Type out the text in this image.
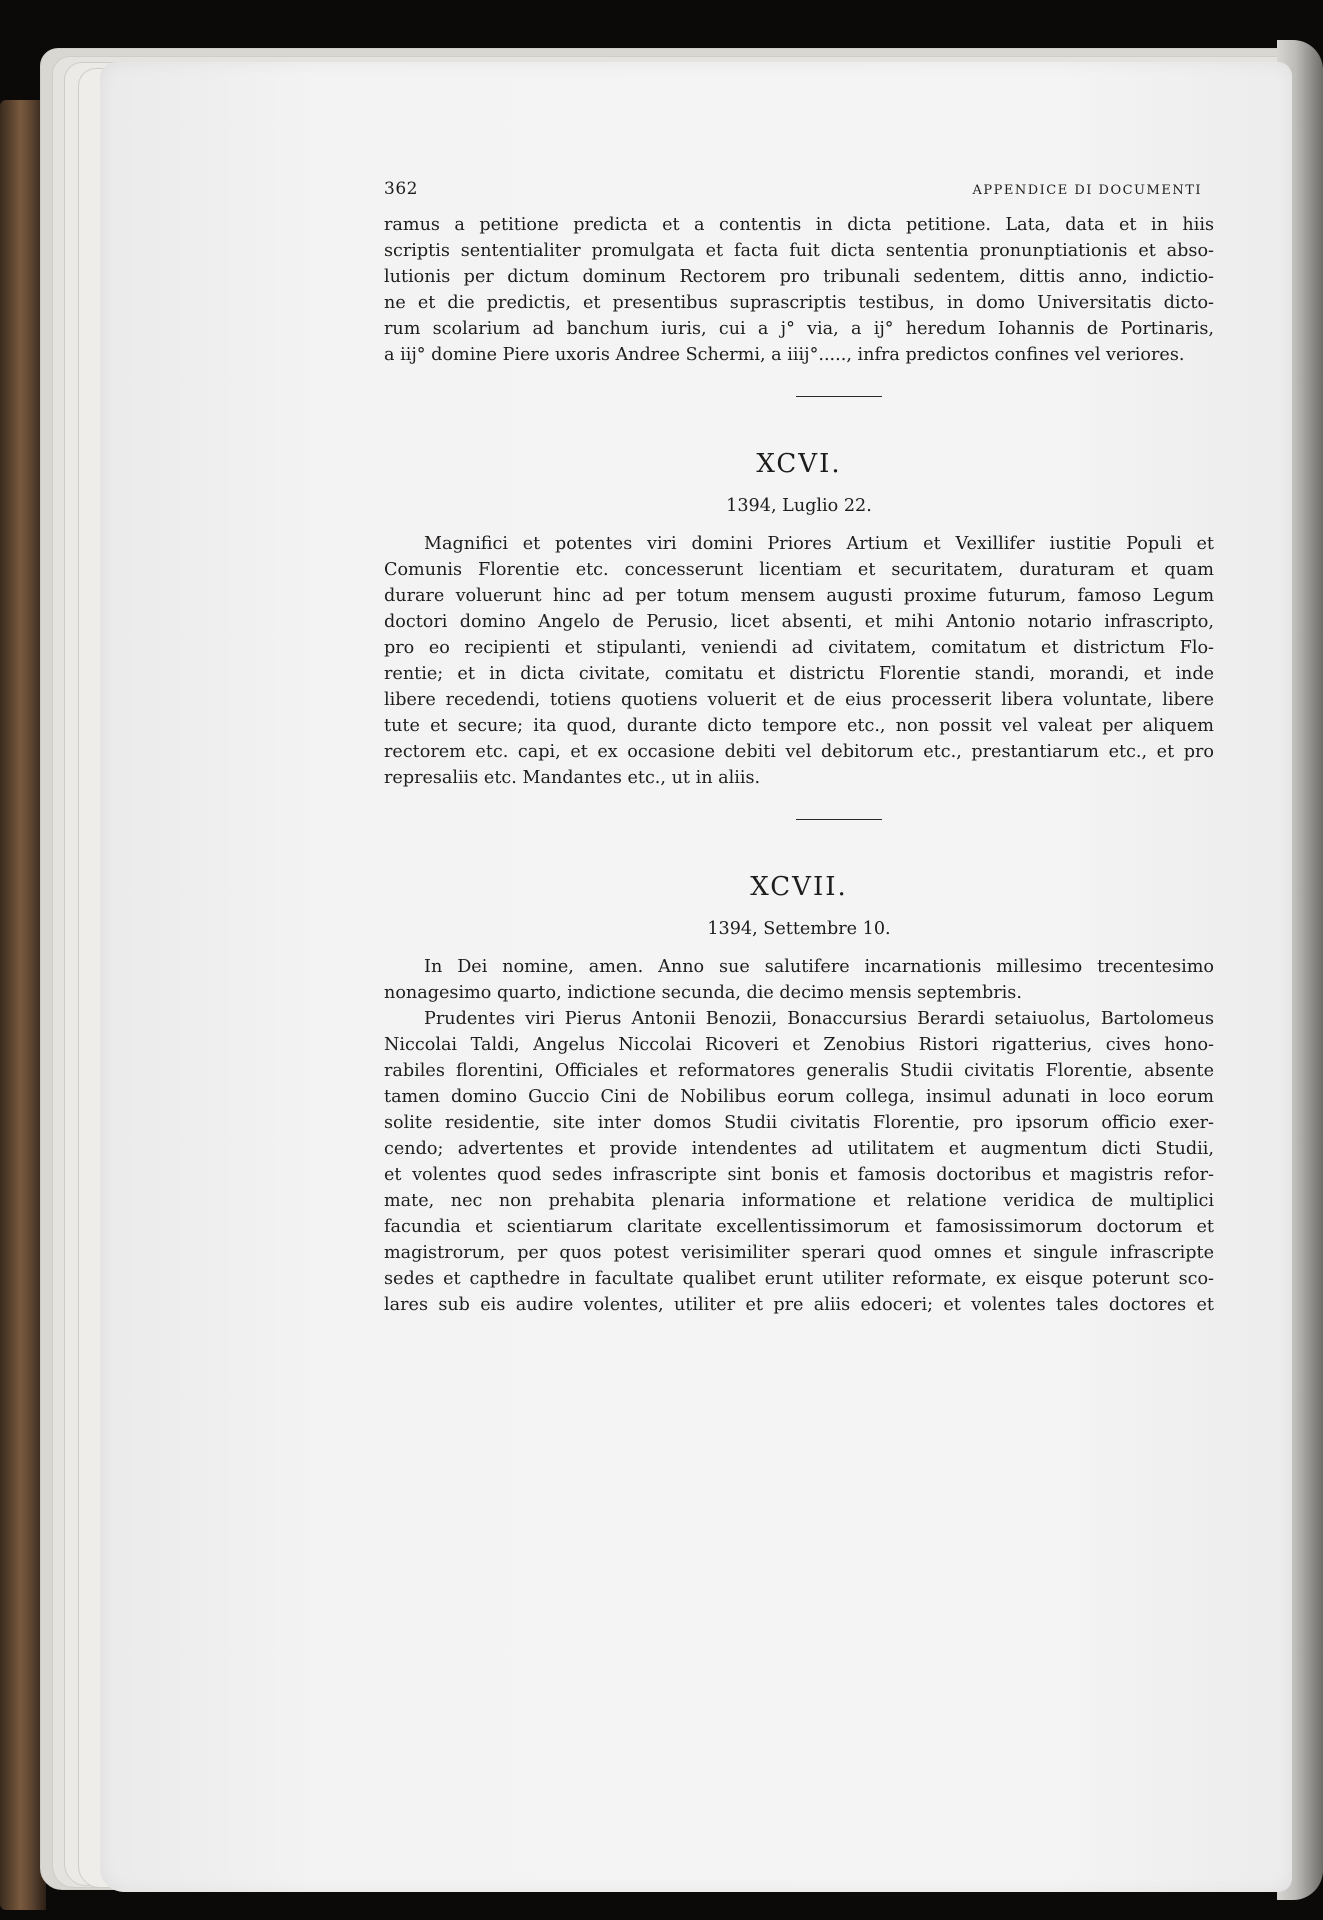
362	APPENDICE DI DOCUMENTI

ramus a petitione predicta et a contentis in dicta petitione. Lata, data et in hiis
scriptis sententialiter promulgata et facta fuit dicta sententia pronunptiationis et abso-
lutionis per dictum dominum Rectorem pro tribunali sedentem, dittis anno, indictio-
ne et die predictis, et presentibus suprascriptis testibus, in domo Universitatis dicto-
rum scolarium ad banchum iuris, cui a j° via, a ij° heredum Iohannis de Portinaris,
a iij° domine Piere uxoris Andree Schermi, a iiij°....., infra predictos confines vel veriores.

XCVI.
1394, Luglio 22.

Magnifici et potentes viri domini Priores Artium et Vexillifer iustitie Populi et
Comunis Florentie etc. concesserunt licentiam et securitatem, duraturam et quam
durare voluerunt hinc ad per totum mensem augusti proxime futurum, famoso Legum
doctori domino Angelo de Perusio, licet absenti, et mihi Antonio notario infrascripto,
pro eo recipienti et stipulanti, veniendi ad civitatem, comitatum et districtum Flo-
rentie; et in dicta civitate, comitatu et districtu Florentie standi, morandi, et inde
libere recedendi, totiens quotiens voluerit et de eius processerit libera voluntate, libere
tute et secure; ita quod, durante dicto tempore etc., non possit vel valeat per aliquem
rectorem etc. capi, et ex occasione debiti vel debitorum etc., prestantiarum etc., et pro
represaliis etc. Mandantes etc., ut in aliis.

XCVII.
1394, Settembre 10.

In Dei nomine, amen. Anno sue salutifere incarnationis millesimo trecentesimo
nonagesimo quarto, indictione secunda, die decimo mensis septembris.

Prudentes viri Pierus Antonii Benozii, Bonaccursius Berardi setaiuolus, Bartolomeus
Niccolai Taldi, Angelus Niccolai Ricoveri et Zenobius Ristori rigatterius, cives hono-
rabiles florentini, Officiales et reformatores generalis Studii civitatis Florentie, absente
tamen domino Guccio Cini de Nobilibus eorum collega, insimul adunati in loco eorum
solite residentie, site inter domos Studii civitatis Florentie, pro ipsorum officio exer-
cendo; advertentes et provide intendentes ad utilitatem et augmentum dicti Studii,
et volentes quod sedes infrascripte sint bonis et famosis doctoribus et magistris refor-
mate, nec non prehabita plenaria informatione et relatione veridica de multiplici
facundia et scientiarum claritate excellentissimorum et famosissimorum doctorum et
magistrorum, per quos potest verisimiliter sperari quod omnes et singule infrascripte
sedes et capthedre in facultate qualibet erunt utiliter reformate, ex eisque poterunt sco-
lares sub eis audire volentes, utiliter et pre aliis edoceri; et volentes tales doctores et
